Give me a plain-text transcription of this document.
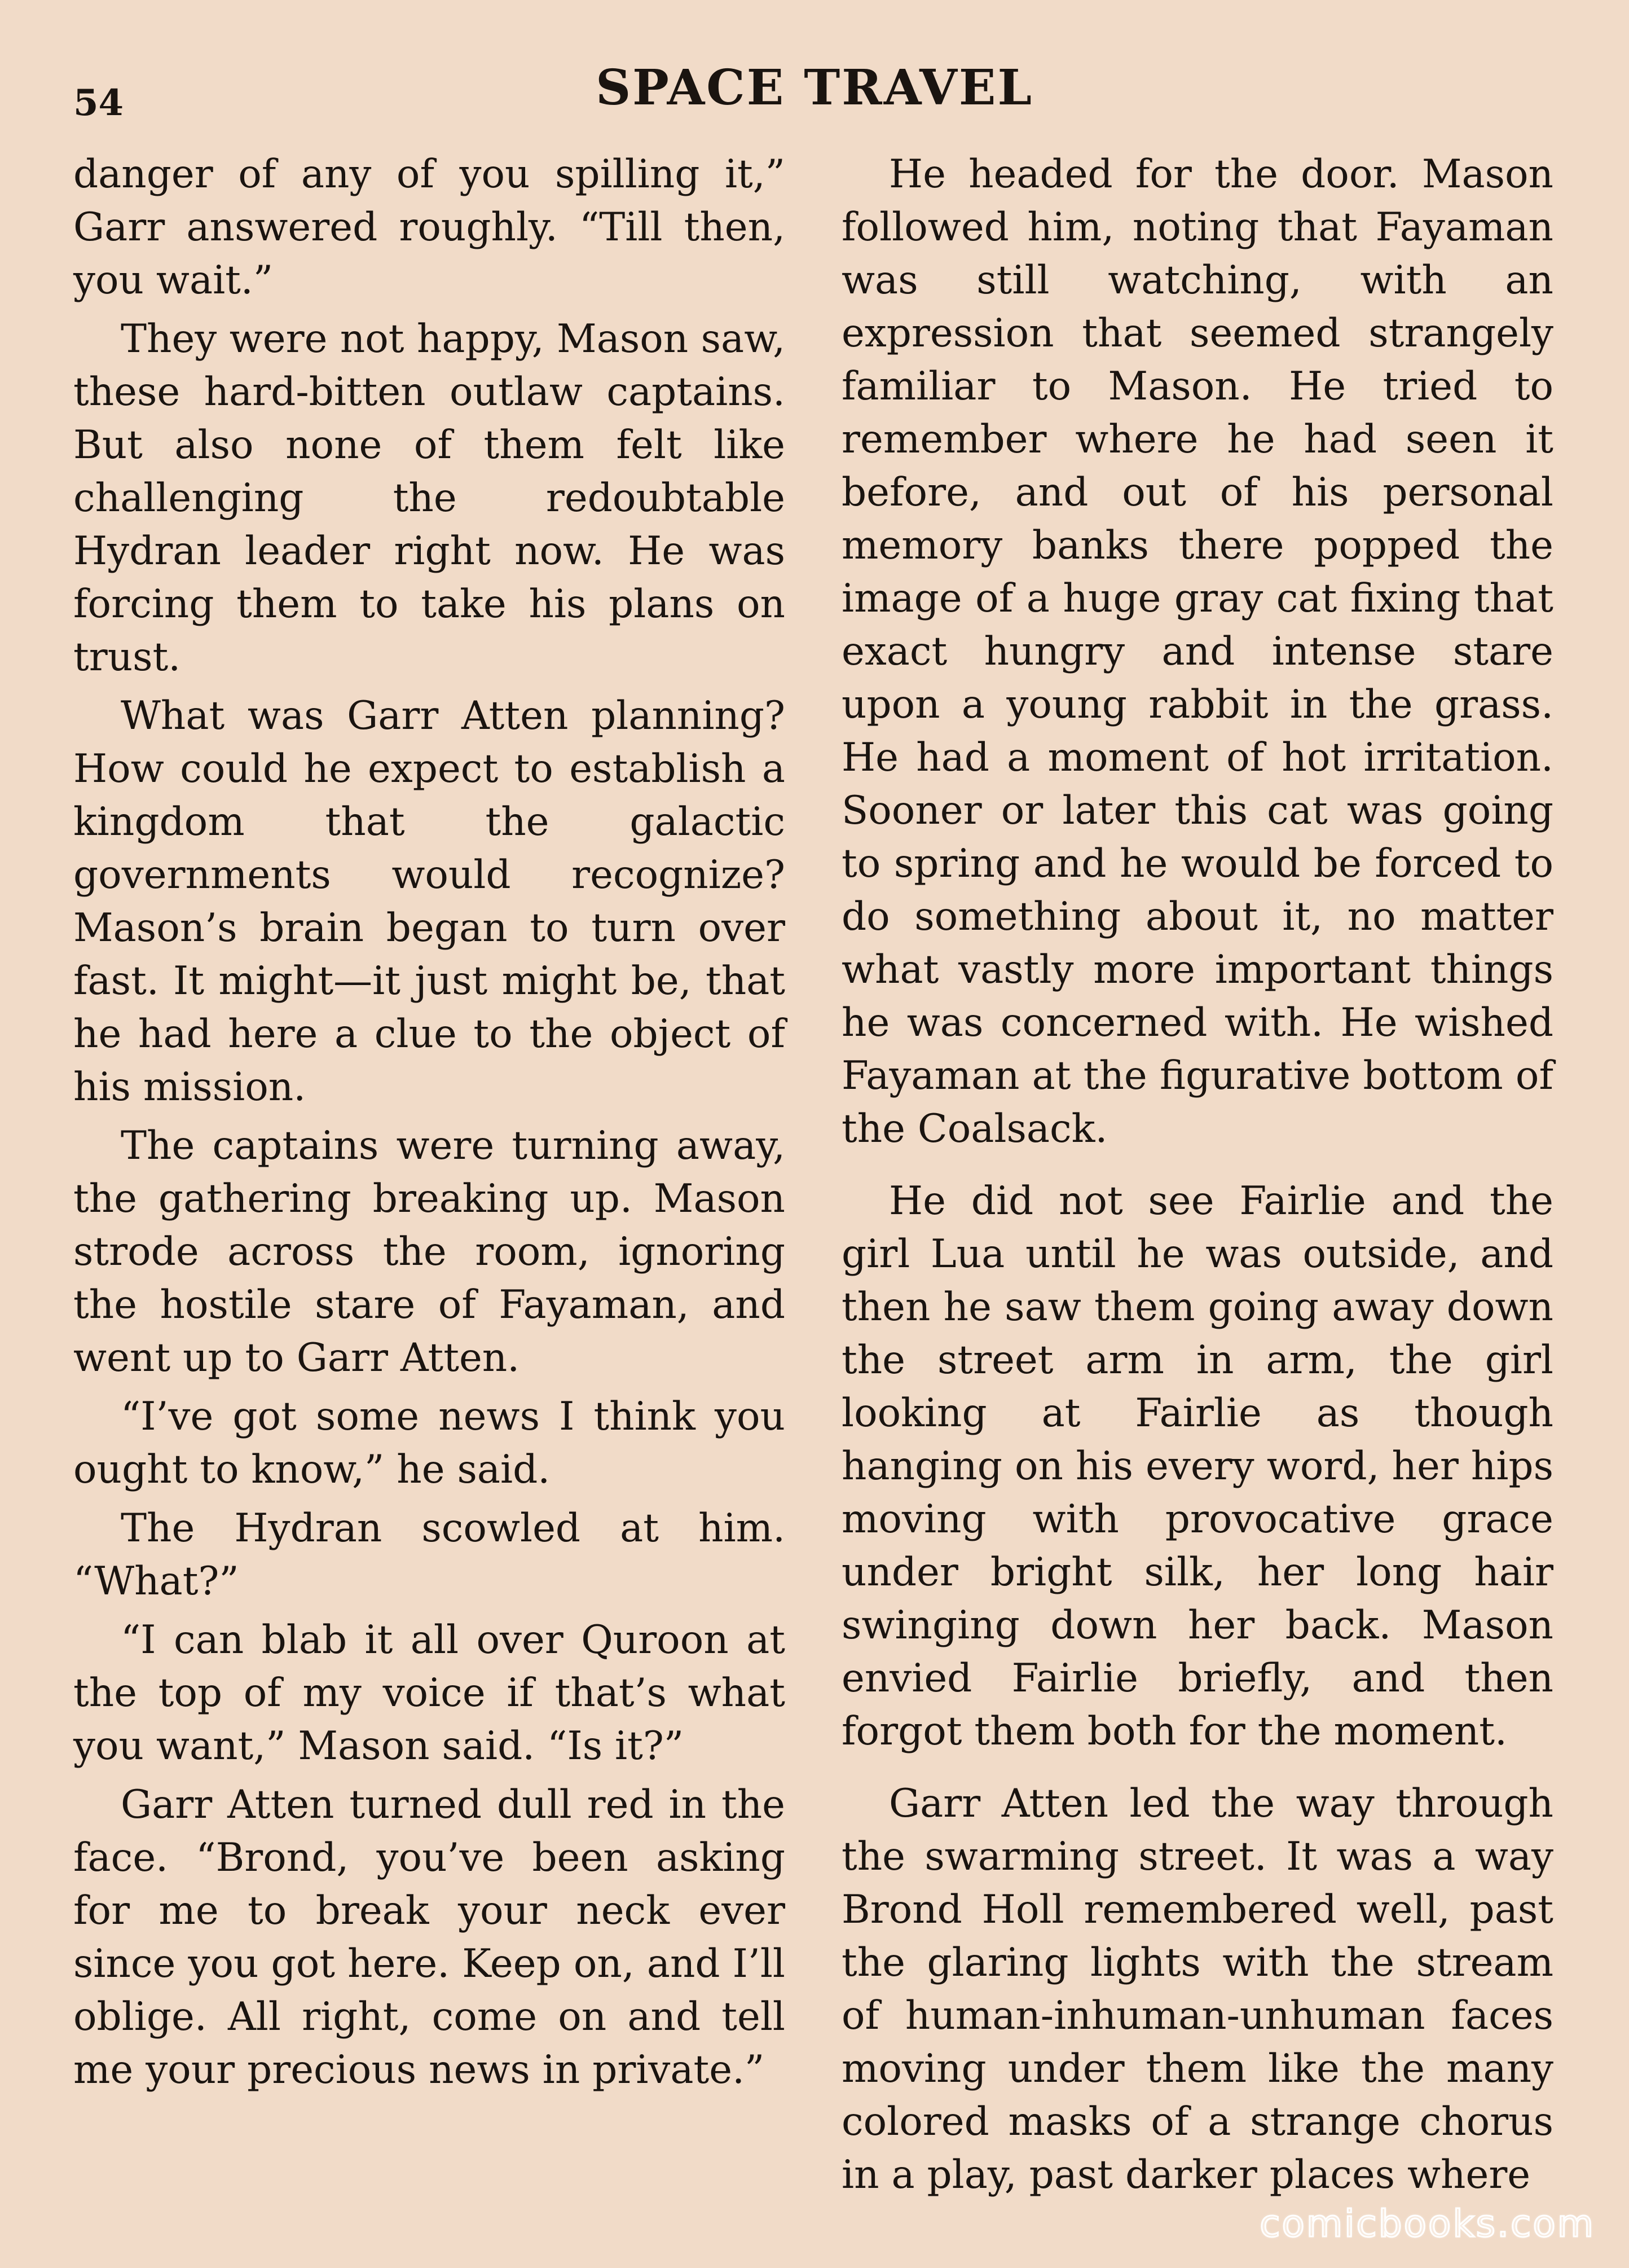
54	SPACE TRAVEL

danger of any of you spilling it,” Garr answered roughly. “Till then, you wait.”

They were not happy, Mason saw, these hard-bitten outlaw captains. But also none of them felt like challenging the redoubtable Hydran leader right now. He was forcing them to take his plans on trust.

What was Garr Atten planning? How could he expect to establish a kingdom that the galactic governments would recognize? Mason’s brain began to turn over fast. It might—it just might be, that he had here a clue to the object of his mission.

The captains were turning away, the gathering breaking up. Mason strode across the room, ignoring the hostile stare of Fayaman, and went up to Garr Atten.

“I’ve got some news I think you ought to know,” he said.

The Hydran scowled at him. “What?”

“I can blab it all over Quroon at the top of my voice if that’s what you want,” Mason said. “Is it?”

Garr Atten turned dull red in the face. “Brond, you’ve been asking for me to break your neck ever since you got here. Keep on, and I’ll oblige. All right, come on and tell me your precious news in private.”

He headed for the door. Mason followed him, noting that Fayaman was still watching, with an expression that seemed strangely familiar to Mason. He tried to remember where he had seen it before, and out of his personal memory banks there popped the image of a huge gray cat fixing that exact hungry and intense stare upon a young rabbit in the grass. He had a moment of hot irritation. Sooner or later this cat was going to spring and he would be forced to do something about it, no matter what vastly more important things he was concerned with. He wished Fayaman at the figurative bottom of the Coalsack.

He did not see Fairlie and the girl Lua until he was outside, and then he saw them going away down the street arm in arm, the girl looking at Fairlie as though hanging on his every word, her hips moving with provocative grace under bright silk, her long hair swinging down her back. Mason envied Fairlie briefly, and then forgot them both for the moment.

Garr Atten led the way through the swarming street. It was a way Brond Holl remembered well, past the glaring lights with the stream of human-inhuman-unhuman faces moving under them like the many colored masks of a strange chorus in a play, past darker places where

comicbooks.com
